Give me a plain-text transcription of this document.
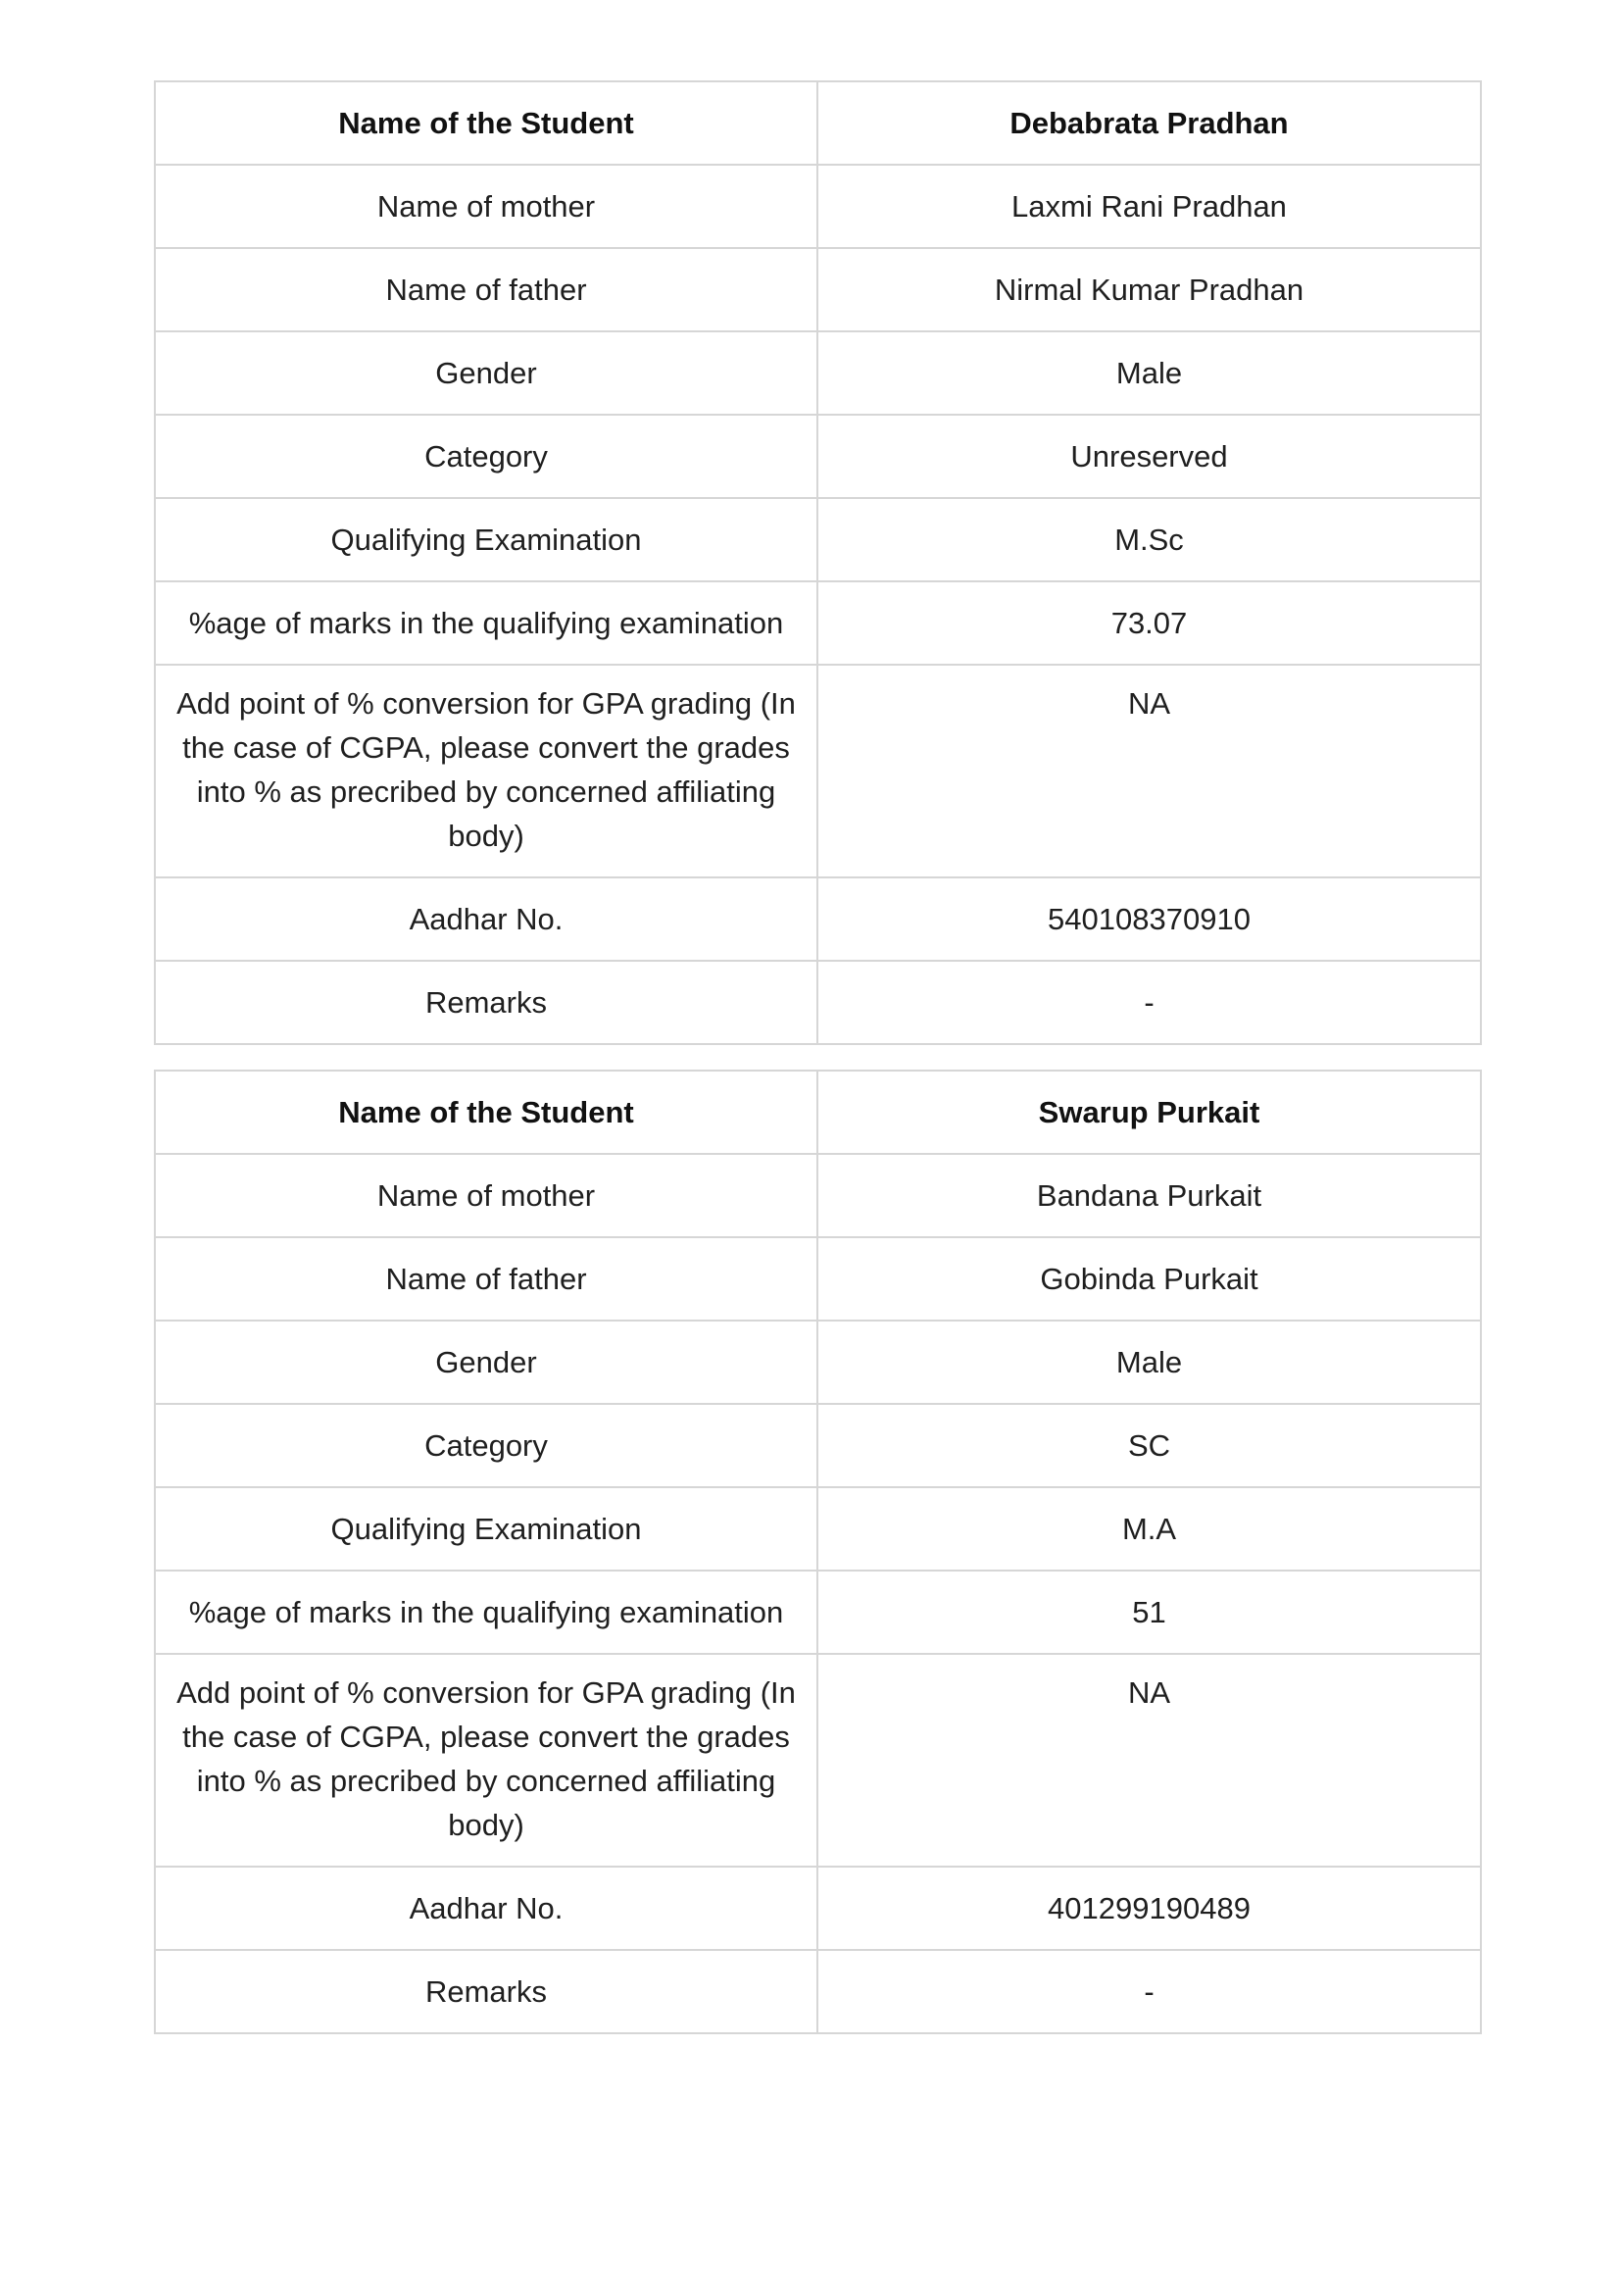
Name of the Student	Debabrata Pradhan
Name of mother	Laxmi Rani Pradhan
Name of father	Nirmal Kumar Pradhan
Gender	Male
Category	Unreserved
Qualifying Examination	M.Sc
%age of marks in the qualifying examination	73.07
Add point of % conversion for GPA grading (In the case of CGPA, please convert the grades into % as precribed by concerned affiliating body)	NA
Aadhar No.	540108370910
Remarks	-
Name of the Student	Swarup Purkait
Name of mother	Bandana Purkait
Name of father	Gobinda Purkait
Gender	Male
Category	SC
Qualifying Examination	M.A
%age of marks in the qualifying examination	51
Add point of % conversion for GPA grading (In the case of CGPA, please convert the grades into % as precribed by concerned affiliating body)	NA
Aadhar No.	401299190489
Remarks	-
